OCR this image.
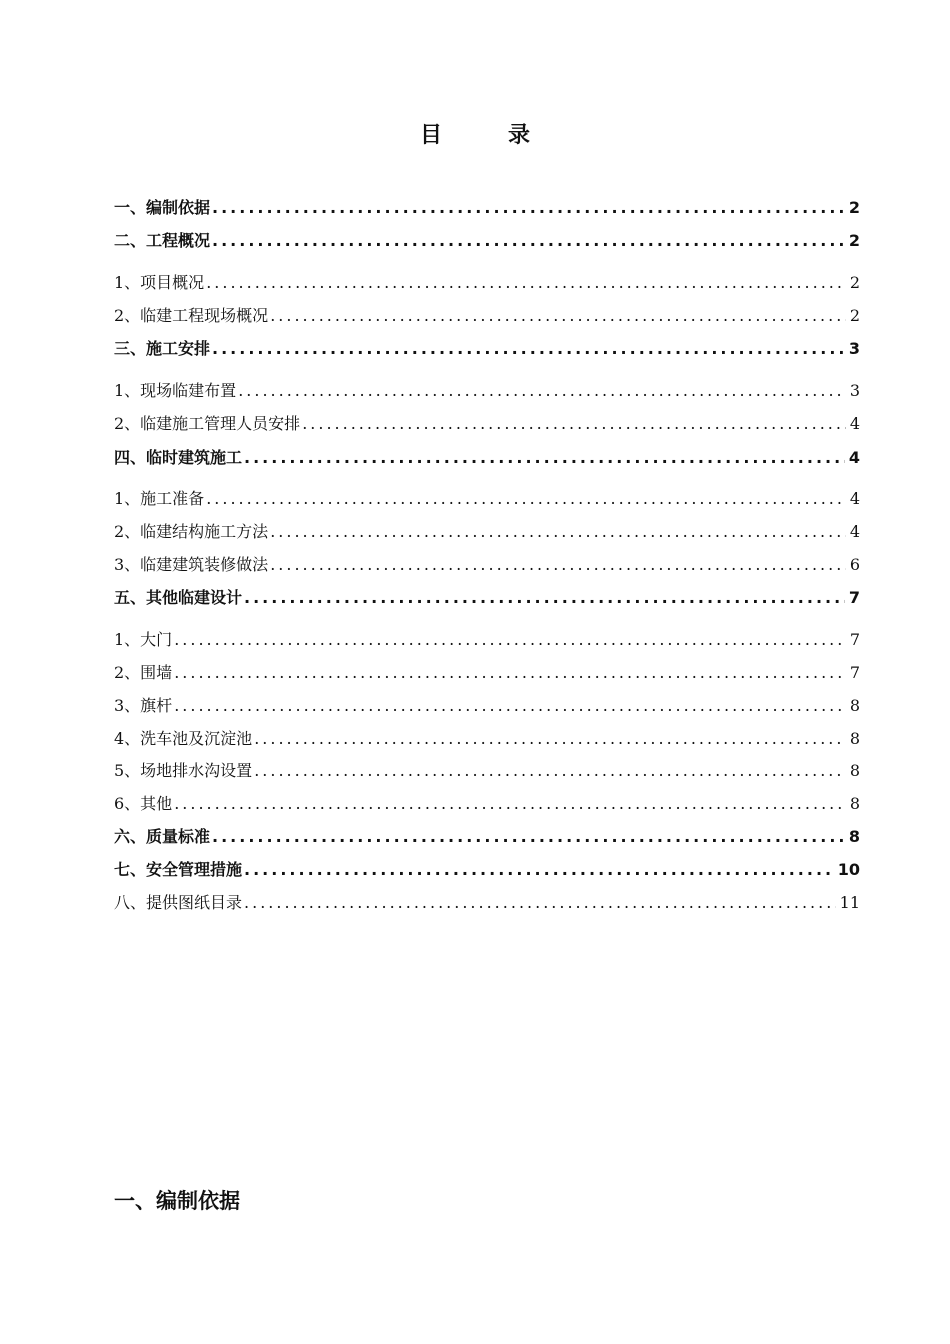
目　　　录
一、编制依据 .....	2
二、工程概况 .....	2
1、项目概况 .....	2
2、临建工程现场概况 .....	2
三、施工安排 .....	3
1、现场临建布置 .....	3
2、临建施工管理人员安排 .....	4
四、临时建筑施工 .....	4
1、施工准备 .....	4
2、临建结构施工方法 .....	4
3、临建建筑装修做法 .....	6
五、其他临建设计 .....	7
1、大门 .....	7
2、围墙 .....	7
3、旗杆 .....	8
4、洗车池及沉淀池 .....	8
5、场地排水沟设置 .....	8
6、其他 .....	8
六、质量标准 .....	8
七、安全管理措施 .....	10
八、提供图纸目录 .....	11
一、编制依据
